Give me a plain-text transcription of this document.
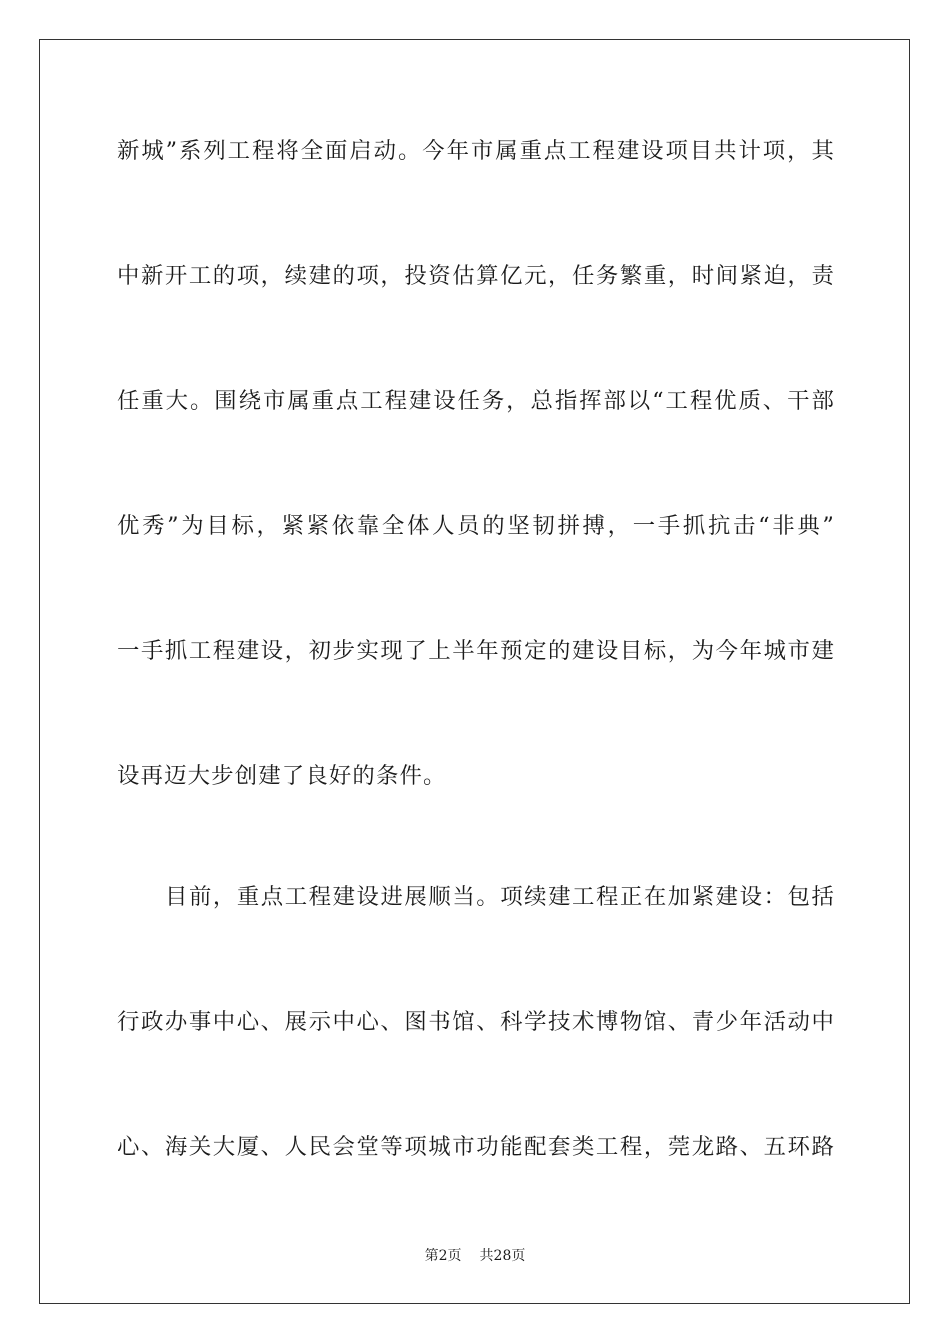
新城”系列工程将全面启动。今年市属重点工程建设项目共计项，其
中新开工的项，续建的项，投资估算亿元，任务繁重，时间紧迫，责
任重大。围绕市属重点工程建设任务，总指挥部以“工程优质、干部
优秀”为目标，紧紧依靠全体人员的坚韧拼搏，一手抓抗击“非典”
一手抓工程建设，初步实现了上半年预定的建设目标，为今年城市建
设再迈大步创建了良好的条件。
目前，重点工程建设进展顺当。项续建工程正在加紧建设：包括
行政办事中心、展示中心、图书馆、科学技术博物馆、青少年活动中
心、海关大厦、人民会堂等项城市功能配套类工程，莞龙路、五环路
第2页 共28页
